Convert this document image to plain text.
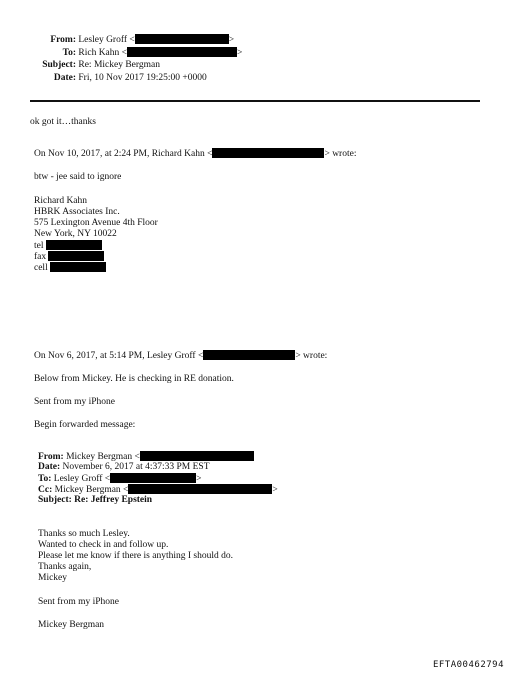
From: Lesley Groff <	>
To: Rich Kahn <	>
Subject: Re: Mickey Bergman
Date: Fri, 10 Nov 2017 19:25:00 +0000
ok got it…thanks
On Nov 10, 2017, at 2:24 PM, Richard Kahn <	> wrote:
btw - jee said to ignore
Richard Kahn
HBRK Associates Inc.
575 Lexington Avenue 4th Floor
New York, NY 10022
tel
fax
cell
On Nov 6, 2017, at 5:14 PM, Lesley Groff <	> wrote:
Below from Mickey. He is checking in RE donation.
Sent from my iPhone
Begin forwarded message:
From: Mickey Bergman <
Date: November 6, 2017 at 4:37:33 PM EST
To: Lesley Groff <	>
Cc: Mickey Bergman <	>
Subject: Re: Jeffrey Epstein
Thanks so much Lesley.
Wanted to check in and follow up.
Please let me know if there is anything I should do.
Thanks again,
Mickey
Sent from my iPhone
Mickey Bergman
EFTA00462794
